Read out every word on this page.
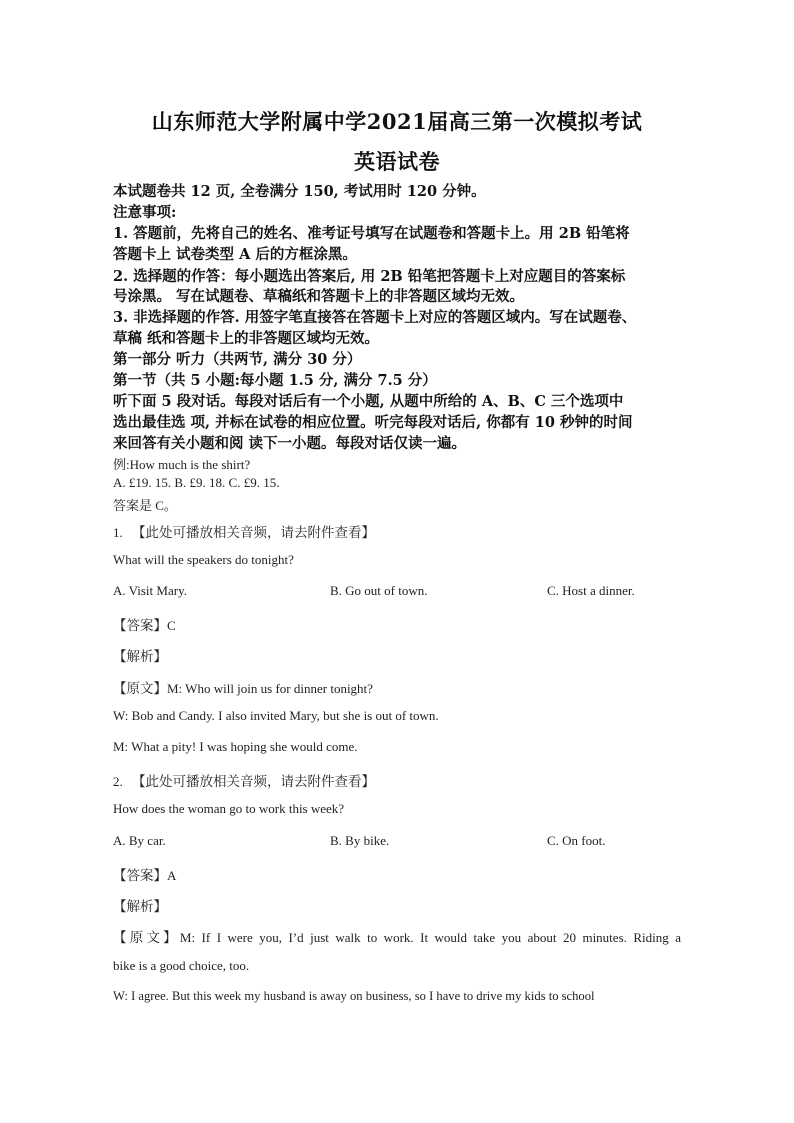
山东师范大学附属中学2021届高三第一次模拟考试
英语试卷
本试题卷共 12 页, 全卷满分 150, 考试用时 120 分钟。
注意事项:
1. 答题前，先将自己的姓名、准考证号填写在试题卷和答题卡上。用 2B 铅笔将
答题卡上 试卷类型 A 后的方框涂黑。
2. 选择题的作答：每小题选出答案后, 用 2B 铅笔把答题卡上对应题目的答案标
号涂黑。 写在试题卷、草稿纸和答题卡上的非答题区域均无效。
3. 非选择题的作答. 用签字笔直接答在答题卡上对应的答题区域内。写在试题卷、
草稿 纸和答题卡上的非答题区域均无效。
第一部分 听力（共两节, 满分 30 分）
第一节（共 5 小题:每小题 1.5 分, 满分 7.5 分）
听下面 5 段对话。每段对话后有一个小题, 从题中所给的 A、B、C 三个选项中
选出最佳选 项, 并标在试卷的相应位置。听完每段对话后, 你都有 10 秒钟的时间
来回答有关小题和阅 读下一小题。每段对话仅读一遍。
例:How much is the shirt?
A. £19. 15. B. £9. 18. C. £9. 15.
答案是 C。
1. 【此处可播放相关音频，请去附件查看】
What will the speakers do tonight?
A. Visit Mary.	B. Go out of town.	C. Host a dinner.
【答案】C
【解析】
【原文】M: Who will join us for dinner tonight?
W: Bob and Candy. I also invited Mary, but she is out of town.
M: What a pity! I was hoping she would come.
2. 【此处可播放相关音频，请去附件查看】
How does the woman go to work this week?
A. By car.	B. By bike.	C. On foot.
【答案】A
【解析】
【原文】M: If I were you, I’d just walk to work. It would take you about 20 minutes. Riding a
bike is a good choice, too.
W: I agree. But this week my husband is away on business, so I have to drive my kids to school
